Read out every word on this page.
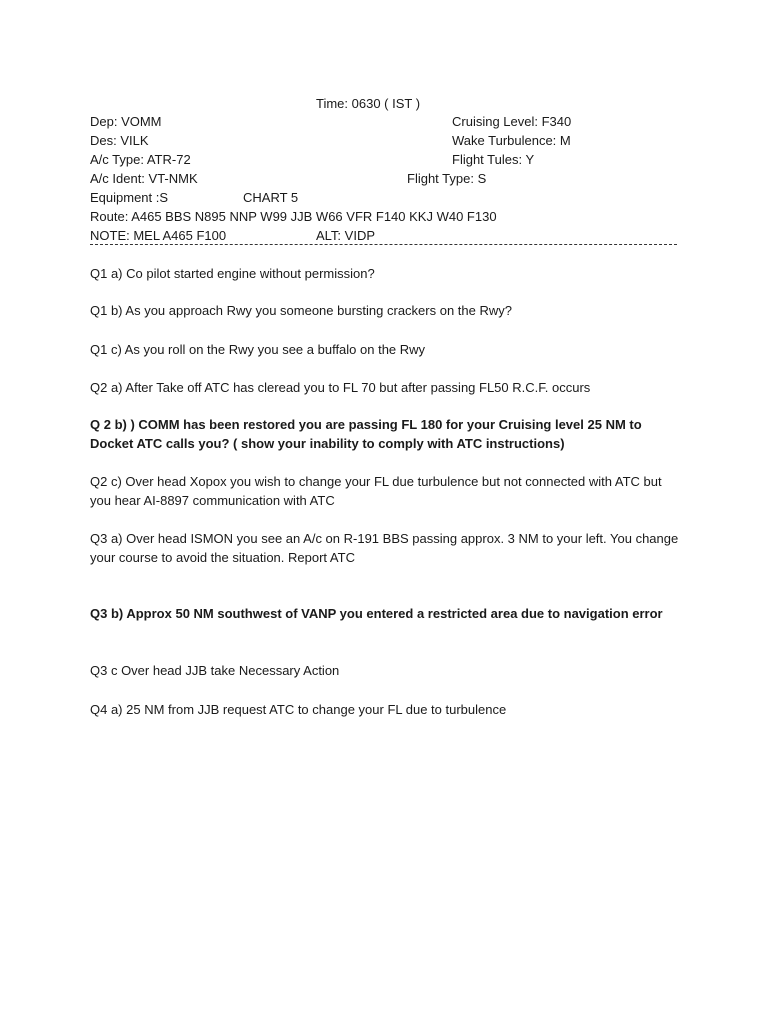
Time: 0630 ( IST )
Dep: VOMM	Cruising Level: F340
Des: VILK	Wake Turbulence: M
A/c Type: ATR-72	Flight Tules: Y
A/c Ident: VT-NMK	Flight Type: S
Equipment :S	CHART 5
Route: A465 BBS N895 NNP W99 JJB W66 VFR F140 KKJ W40 F130
NOTE: MEL A465 F100	ALT: VIDP
Q1 a) Co pilot started engine without permission?
Q1 b) As you approach Rwy you someone bursting crackers on the Rwy?
Q1 c) As you roll on the Rwy you see a buffalo on the Rwy
Q2 a) After Take off ATC has cleread you to FL 70 but after passing FL50 R.C.F. occurs
Q 2 b) ) COMM has been restored you are passing FL 180 for your Cruising level 25 NM to Docket ATC calls you? ( show your inability to comply with ATC instructions)
Q2 c) Over head Xopox you wish to change your FL due turbulence but not connected with ATC but you hear AI-8897 communication with ATC
Q3 a) Over head ISMON you see an A/c on R-191 BBS passing approx. 3 NM to your left. You change your course to avoid the situation. Report ATC
Q3 b) Approx 50 NM southwest of VANP you entered a restricted area due to navigation error
Q3 c Over head JJB take Necessary Action
Q4 a) 25 NM from JJB request ATC to change your FL due to turbulence
